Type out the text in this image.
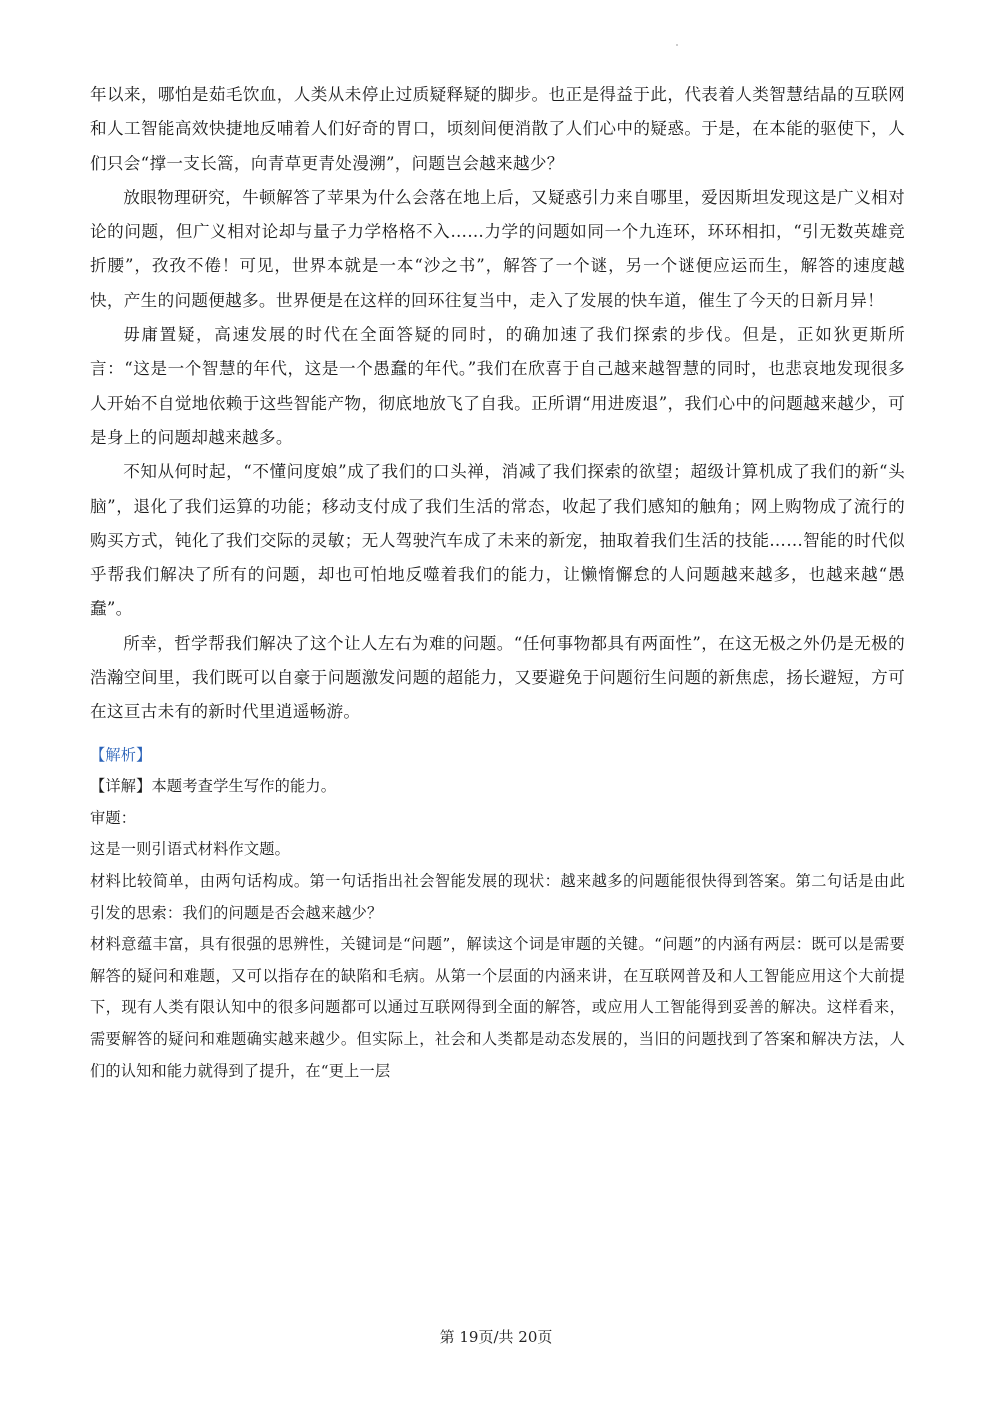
年以来，哪怕是茹毛饮血，人类从未停止过质疑释疑的脚步。也正是得益于此，代表着人类智慧结晶的互联网和人工智能高效快捷地反哺着人们好奇的胃口，顷刻间便消散了人们心中的疑惑。于是，在本能的驱使下，人们只会“撑一支长篙，向青草更青处漫溯”，问题岂会越来越少？

放眼物理研究，牛顿解答了苹果为什么会落在地上后，又疑惑引力来自哪里，爱因斯坦发现这是广义相对论的问题，但广义相对论却与量子力学格格不入……力学的问题如同一个九连环，环环相扣，“引无数英雄竞折腰”，孜孜不倦！可见，世界本就是一本“沙之书”，解答了一个谜，另一个谜便应运而生，解答的速度越快，产生的问题便越多。世界便是在这样的回环往复当中，走入了发展的快车道，催生了今天的日新月异！

毋庸置疑，高速发展的时代在全面答疑的同时，的确加速了我们探索的步伐。但是，正如狄更斯所言：“这是一个智慧的年代，这是一个愚蠢的年代。”我们在欣喜于自己越来越智慧的同时，也悲哀地发现很多人开始不自觉地依赖于这些智能产物，彻底地放飞了自我。正所谓“用进废退”，我们心中的问题越来越少，可是身上的问题却越来越多。

不知从何时起，“不懂问度娘”成了我们的口头禅，消减了我们探索的欲望；超级计算机成了我们的新“头脑”，退化了我们运算的功能；移动支付成了我们生活的常态，收起了我们感知的触角；网上购物成了流行的购买方式，钝化了我们交际的灵敏；无人驾驶汽车成了未来的新宠，抽取着我们生活的技能……智能的时代似乎帮我们解决了所有的问题，却也可怕地反噬着我们的能力，让懒惰懈怠的人问题越来越多，也越来越“愚蠢”。

所幸，哲学帮我们解决了这个让人左右为难的问题。“任何事物都具有两面性”，在这无极之外仍是无极的浩瀚空间里，我们既可以自豪于问题激发问题的超能力，又要避免于问题衍生问题的新焦虑，扬长避短，方可在这亘古未有的新时代里逍遥畅游。

【解析】

【详解】本题考查学生写作的能力。

审题：

这是一则引语式材料作文题。

材料比较简单，由两句话构成。第一句话指出社会智能发展的现状：越来越多的问题能很快得到答案。第二句话是由此引发的思索：我们的问题是否会越来越少？

材料意蕴丰富，具有很强的思辨性，关键词是“问题”，解读这个词是审题的关键。“问题”的内涵有两层：既可以是需要解答的疑问和难题，又可以指存在的缺陷和毛病。从第一个层面的内涵来讲，在互联网普及和人工智能应用这个大前提下，现有人类有限认知中的很多问题都可以通过互联网得到全面的解答，或应用人工智能得到妥善的解决。这样看来，需要解答的疑问和难题确实越来越少。但实际上，社会和人类都是动态发展的，当旧的问题找到了答案和解决方法，人们的认知和能力就得到了提升，在“更上一层

第 19页/共 20页
